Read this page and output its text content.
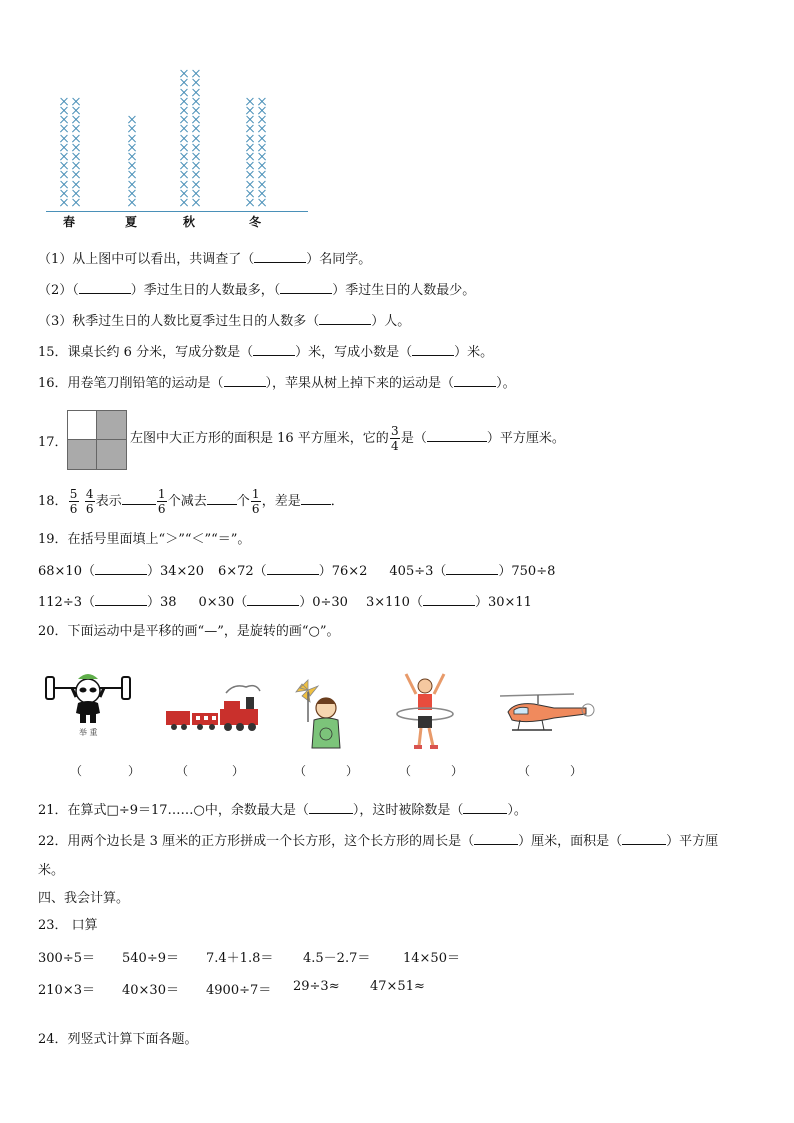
春	夏	秋	冬
（1）从上图中可以看出，共调查了（	）名同学。
（2）（	）季过生日的人数最多，（	）季过生日的人数最少。
（3）秋季过生日的人数比夏季过生日的人数多（	）人。
15．课桌长约 6 分米，写成分数是（	）米，写成小数是（	）米。
16．用卷笔刀削铅笔的运动是（	），苹果从树上掉下来的运动是（	）。
17．	左图中大正方形的面积是 16 平方厘米，它的 $\frac{3}{4}$ 是（	）平方厘米。
18． $\frac{5}{6}$
$\frac{4}{6}$ 表示	$\frac{1}{6}$ 个减去 个 $\frac{1}{6}$ ，差是 ．
19．在括号里面填上“＞”“＜”“＝”。
68×10（	）34×20 6×72（	）76×2 405÷3（	）750÷8
112÷3（	）38 0×30（	）0÷30 3×110（	）30×11
20．下面运动中是平移的画“—”，是旋转的画“○”。
举 重
（	）	（	）	（	）	（	）	（	）
21．在算式□÷9＝17……○中，余数最大是（	），这时被除数是（	）。
22．用两个边长是 3 厘米的正方形拼成一个长方形，这个长方形的周长是（	）厘米，面积是（	）平方厘
米。
四、我会计算。
23． 口算
300÷5＝ 540÷9＝ 7.4＋1.8＝ 4.5－2.7＝	14×50＝
210×3＝ 40×30＝ 4900÷7＝ 29÷3≈ 47×51≈
24．列竖式计算下面各题。
